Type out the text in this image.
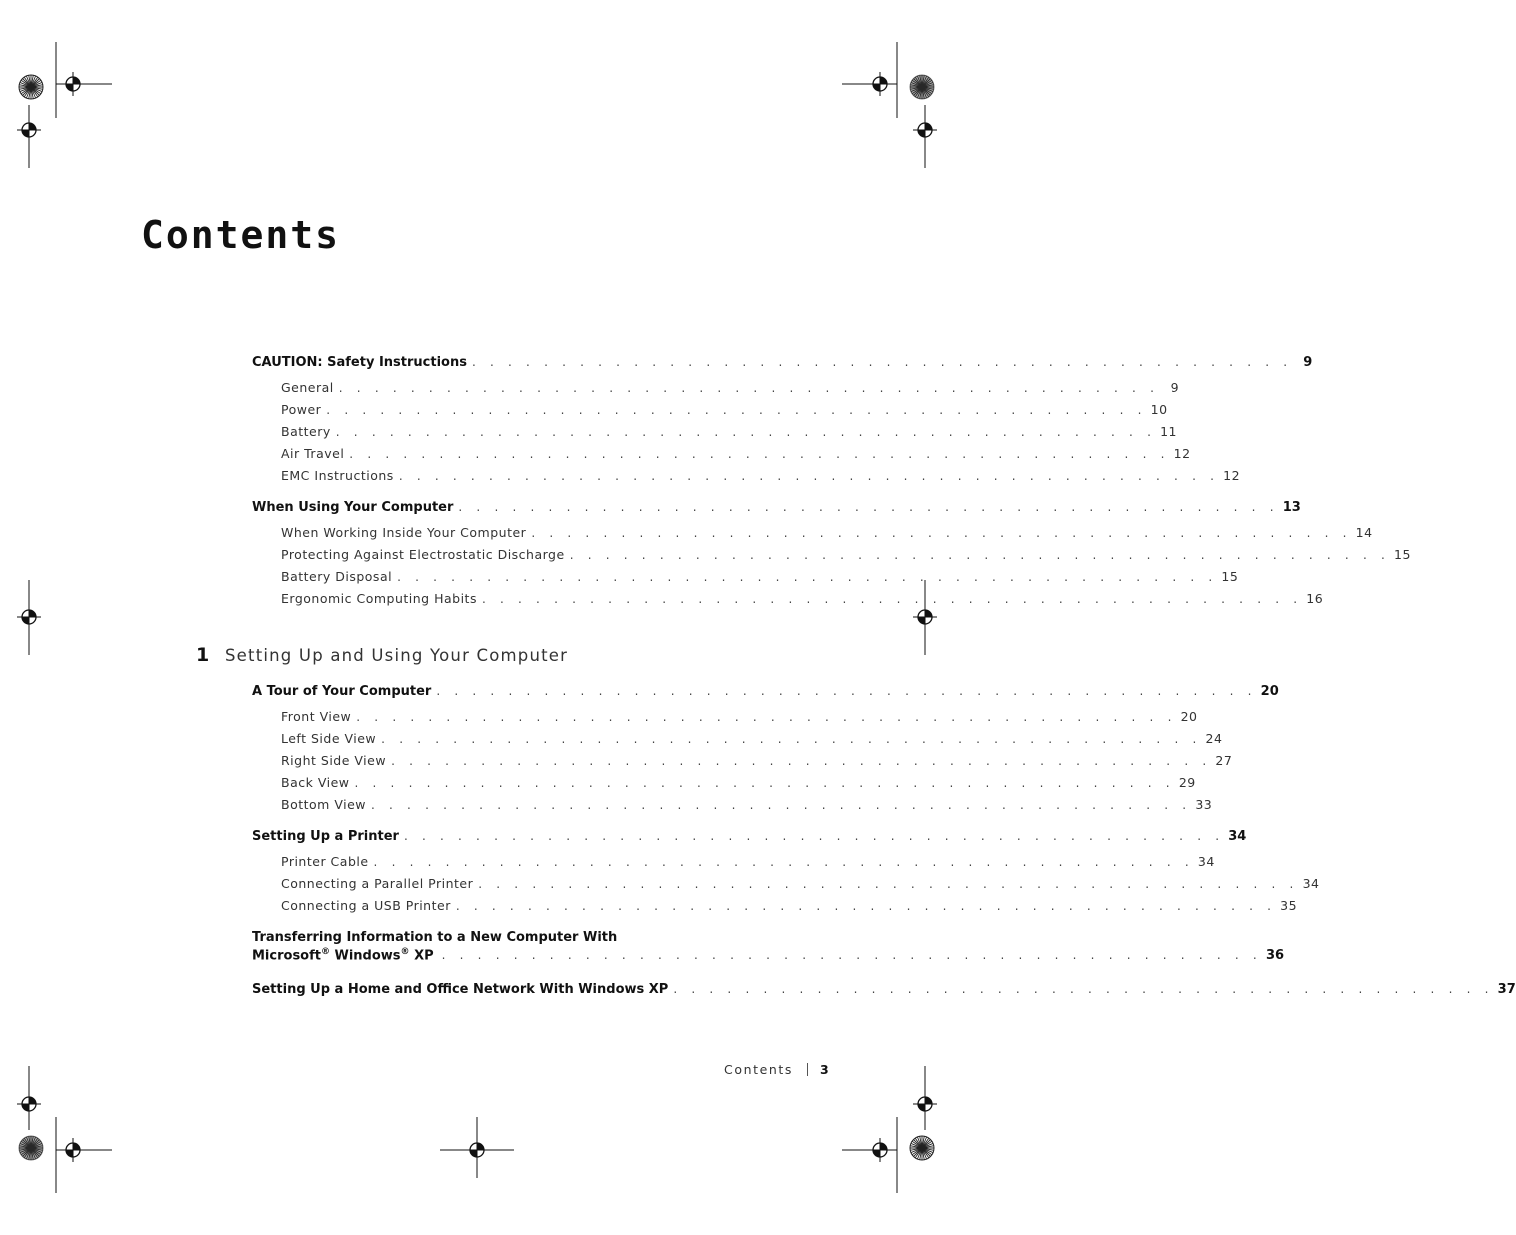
Contents
CAUTION: Safety Instructions . . . . . . . . . . . . . . . . . . . . . . . . . . . . . . . . . . . . . . . . . . . . . . 9
General . . . . . . . . . . . . . . . . . . . . . . . . . . . . . . . . . . . . . . . . . . . . . . 9
Power . . . . . . . . . . . . . . . . . . . . . . . . . . . . . . . . . . . . . . . . . . . . . . 10
Battery . . . . . . . . . . . . . . . . . . . . . . . . . . . . . . . . . . . . . . . . . . . . . . 11
Air Travel . . . . . . . . . . . . . . . . . . . . . . . . . . . . . . . . . . . . . . . . . . . . . . 12
EMC Instructions . . . . . . . . . . . . . . . . . . . . . . . . . . . . . . . . . . . . . . . . . . . . . . 12
When Using Your Computer . . . . . . . . . . . . . . . . . . . . . . . . . . . . . . . . . . . . . . . . . . . . . . 13
When Working Inside Your Computer . . . . . . . . . . . . . . . . . . . . . . . . . . . . . . . . . . . . . . . . . . . . . . 14
Protecting Against Electrostatic Discharge . . . . . . . . . . . . . . . . . . . . . . . . . . . . . . . . . . . . . . . . . . . . . . 15
Battery Disposal . . . . . . . . . . . . . . . . . . . . . . . . . . . . . . . . . . . . . . . . . . . . . . 15
Ergonomic Computing Habits . . . . . . . . . . . . . . . . . . . . . . . . . . . . . . . . . . . . . . . . . . . . . . 16
A Tour of Your Computer . . . . . . . . . . . . . . . . . . . . . . . . . . . . . . . . . . . . . . . . . . . . . . 20
Front View . . . . . . . . . . . . . . . . . . . . . . . . . . . . . . . . . . . . . . . . . . . . . . 20
Left Side View . . . . . . . . . . . . . . . . . . . . . . . . . . . . . . . . . . . . . . . . . . . . . . 24
Right Side View . . . . . . . . . . . . . . . . . . . . . . . . . . . . . . . . . . . . . . . . . . . . . . 27
Back View . . . . . . . . . . . . . . . . . . . . . . . . . . . . . . . . . . . . . . . . . . . . . . 29
Bottom View . . . . . . . . . . . . . . . . . . . . . . . . . . . . . . . . . . . . . . . . . . . . . . 33
Setting Up a Printer . . . . . . . . . . . . . . . . . . . . . . . . . . . . . . . . . . . . . . . . . . . . . . 34
Printer Cable . . . . . . . . . . . . . . . . . . . . . . . . . . . . . . . . . . . . . . . . . . . . . . 34
Connecting a Parallel Printer . . . . . . . . . . . . . . . . . . . . . . . . . . . . . . . . . . . . . . . . . . . . . . 34
Connecting a USB Printer . . . . . . . . . . . . . . . . . . . . . . . . . . . . . . . . . . . . . . . . . . . . . . 35
Transferring Information to a New Computer With
Microsoft® Windows® XP . . . . . . . . . . . . . . . . . . . . . . . . . . . . . . . . . . . . . . . . . . . . . . 36
Setting Up a Home and Office Network With Windows XP . . . . . . . . . . . . . . . . . . . . . . . . . . . . . . . . . . . . . . . . . . . . . . 37
1 Setting Up and Using Your Computer
Contents 3
